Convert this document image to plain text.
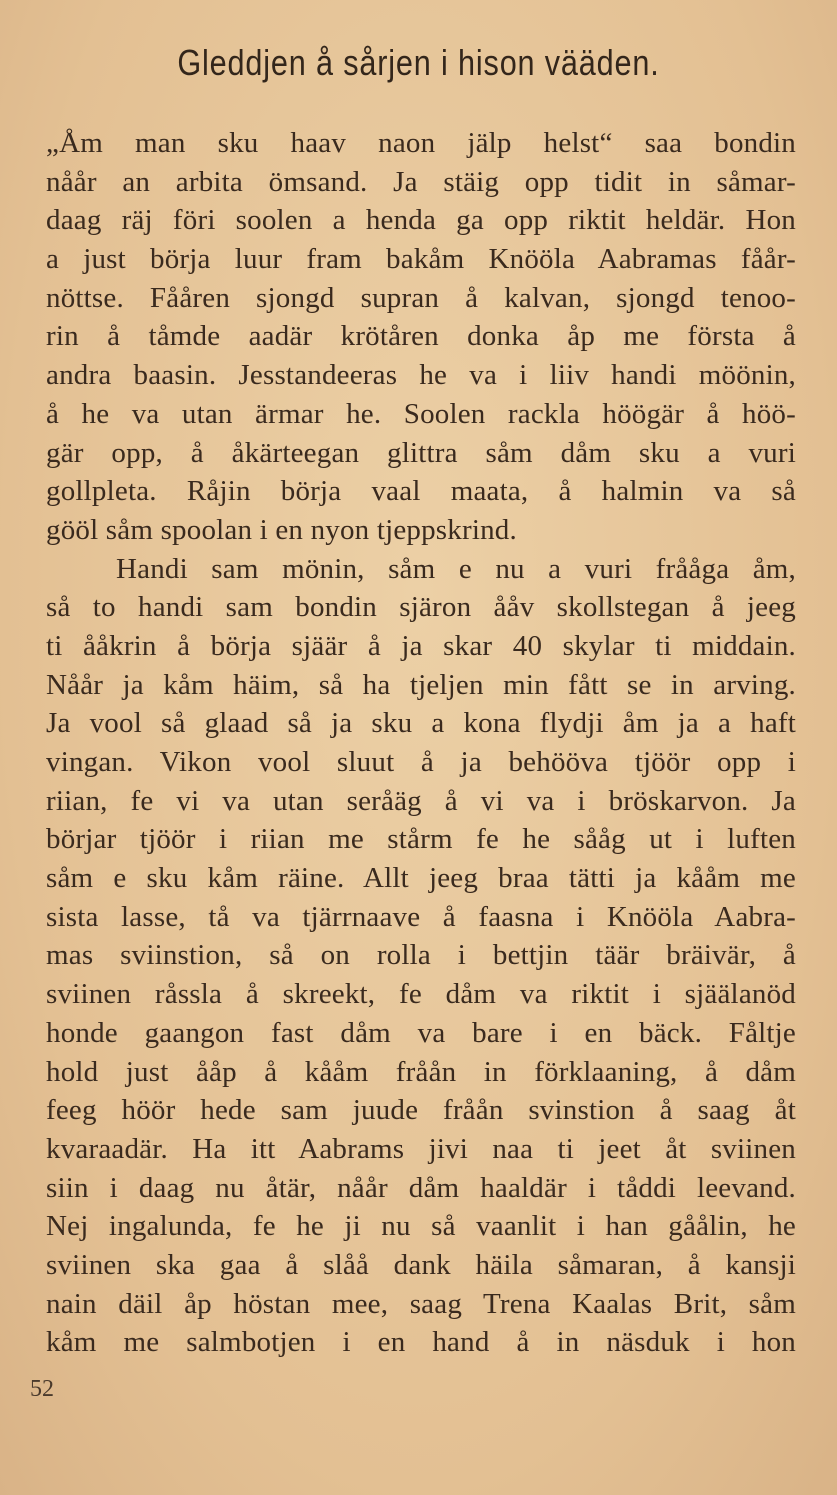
Gleddjen å sårjen i hison vääden.
„Åm man sku haav naon jälp helst“ saa bondin
nåår an arbita ömsand. Ja stäig opp tidit in såmar-
daag räj föri soolen a henda ga opp riktit heldär. Hon
a just börja luur fram bakåm Knööla Aabramas fåår-
nöttse. Fååren sjongd supran å kalvan, sjongd tenoo-
rin å tåmde aadär krötåren donka åp me första å
andra baasin. Jesstandeeras he va i liiv handi möönin,
å he va utan ärmar he. Soolen rackla höögär å höö-
gär opp, å åkärteegan glittra såm dåm sku a vuri
gollpleta. Råjin börja vaal maata, å halmin va så
gööl såm spoolan i en nyon tjeppskrind.
Handi sam mönin, såm e nu a vuri frååga åm,
så to handi sam bondin sjäron ååv skollstegan å jeeg
ti ååkrin å börja sjäär å ja skar 40 skylar ti middain.
Nåår ja kåm häim, så ha tjeljen min fått se in arving.
Ja vool så glaad så ja sku a kona flydji åm ja a haft
vingan. Vikon vool sluut å ja behööva tjöör opp i
riian, fe vi va utan seråäg å vi va i bröskarvon. Ja
börjar tjöör i riian me stårm fe he sååg ut i luften
såm e sku kåm räine. Allt jeeg braa tätti ja kååm me
sista lasse, tå va tjärrnaave å faasna i Knööla Aabra-
mas sviinstion, så on rolla i bettjin täär bräivär, å
sviinen råssla å skreekt, fe dåm va riktit i sjäälanöd
honde gaangon fast dåm va bare i en bäck. Fåltje
hold just ååp å kååm fråån in förklaaning, å dåm
feeg höör hede sam juude fråån svinstion å saag åt
kvaraadär. Ha itt Aabrams jivi naa ti jeet åt sviinen
siin i daag nu åtär, nåår dåm haaldär i tåddi leevand.
Nej ingalunda, fe he ji nu så vaanlit i han gåålin, he
sviinen ska gaa å slåå dank häila såmaran, å kansji
nain däil åp höstan mee, saag Trena Kaalas Brit, såm
kåm me salmbotjen i en hand å in näsduk i hon
52
